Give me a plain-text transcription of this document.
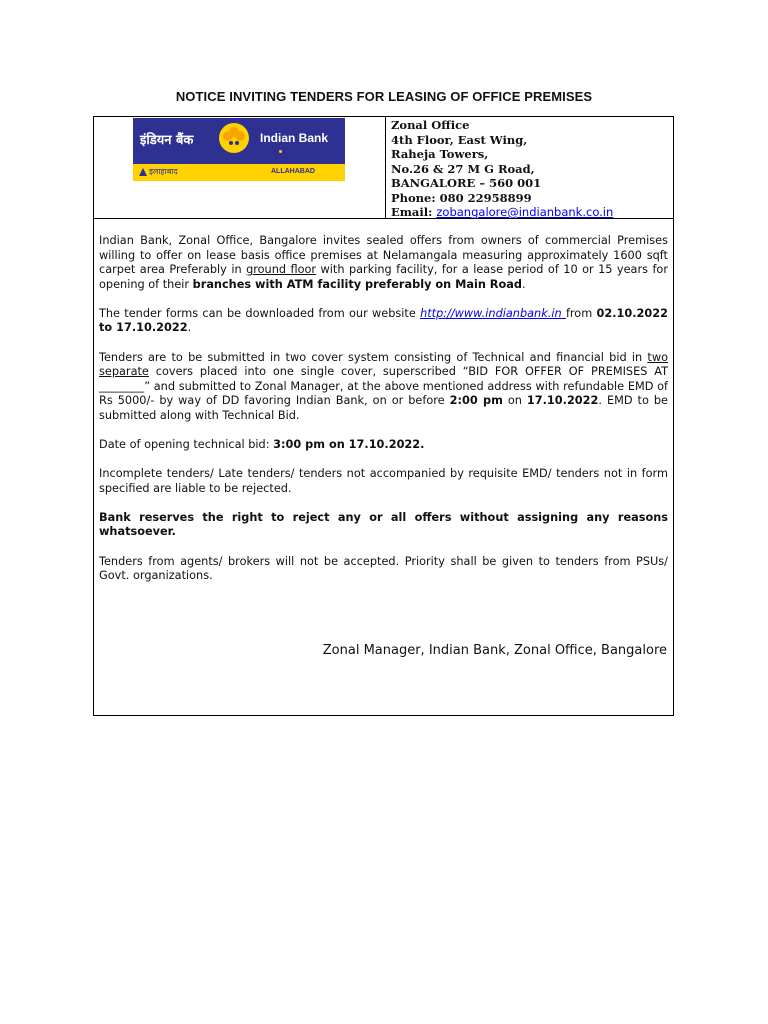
NOTICE INVITING TENDERS FOR LEASING OF OFFICE PREMISES
इंडियन बैंक	Indian Bank
इलाहाबाद	ALLAHABAD
Zonal Office
4th Floor, East Wing,
Raheja Towers,
No.26 & 27 M G Road,
BANGALORE – 560 001
Phone: 080 22958899
Email: zobangalore@indianbank.co.in

Indian Bank, Zonal Office, Bangalore invites sealed offers from owners of commercial Premises willing to offer on lease basis office premises at Nelamangala measuring approximately 1600 sqft carpet area Preferably in ground floor with parking facility, for a lease period of 10 or 15 years for opening of their branches with ATM facility preferably on Main Road.

The tender forms can be downloaded from our website http://www.indianbank.in from 02.10.2022 to 17.10.2022.

Tenders are to be submitted in two cover system consisting of Technical and financial bid in two separate covers placed into one single cover, superscribed “BID FOR OFFER OF PREMISES AT ________” and submitted to Zonal Manager, at the above mentioned address with refundable EMD of Rs 5000/- by way of DD favoring Indian Bank, on or before 2:00 pm on 17.10.2022. EMD to be submitted along with Technical Bid.

Date of opening technical bid: 3:00 pm on 17.10.2022.

Incomplete tenders/ Late tenders/ tenders not accompanied by requisite EMD/ tenders not in form specified are liable to be rejected.

Bank reserves the right to reject any or all offers without assigning any reasons whatsoever.

Tenders from agents/ brokers will not be accepted. Priority shall be given to tenders from PSUs/ Govt. organizations.

Zonal Manager, Indian Bank, Zonal Office, Bangalore
